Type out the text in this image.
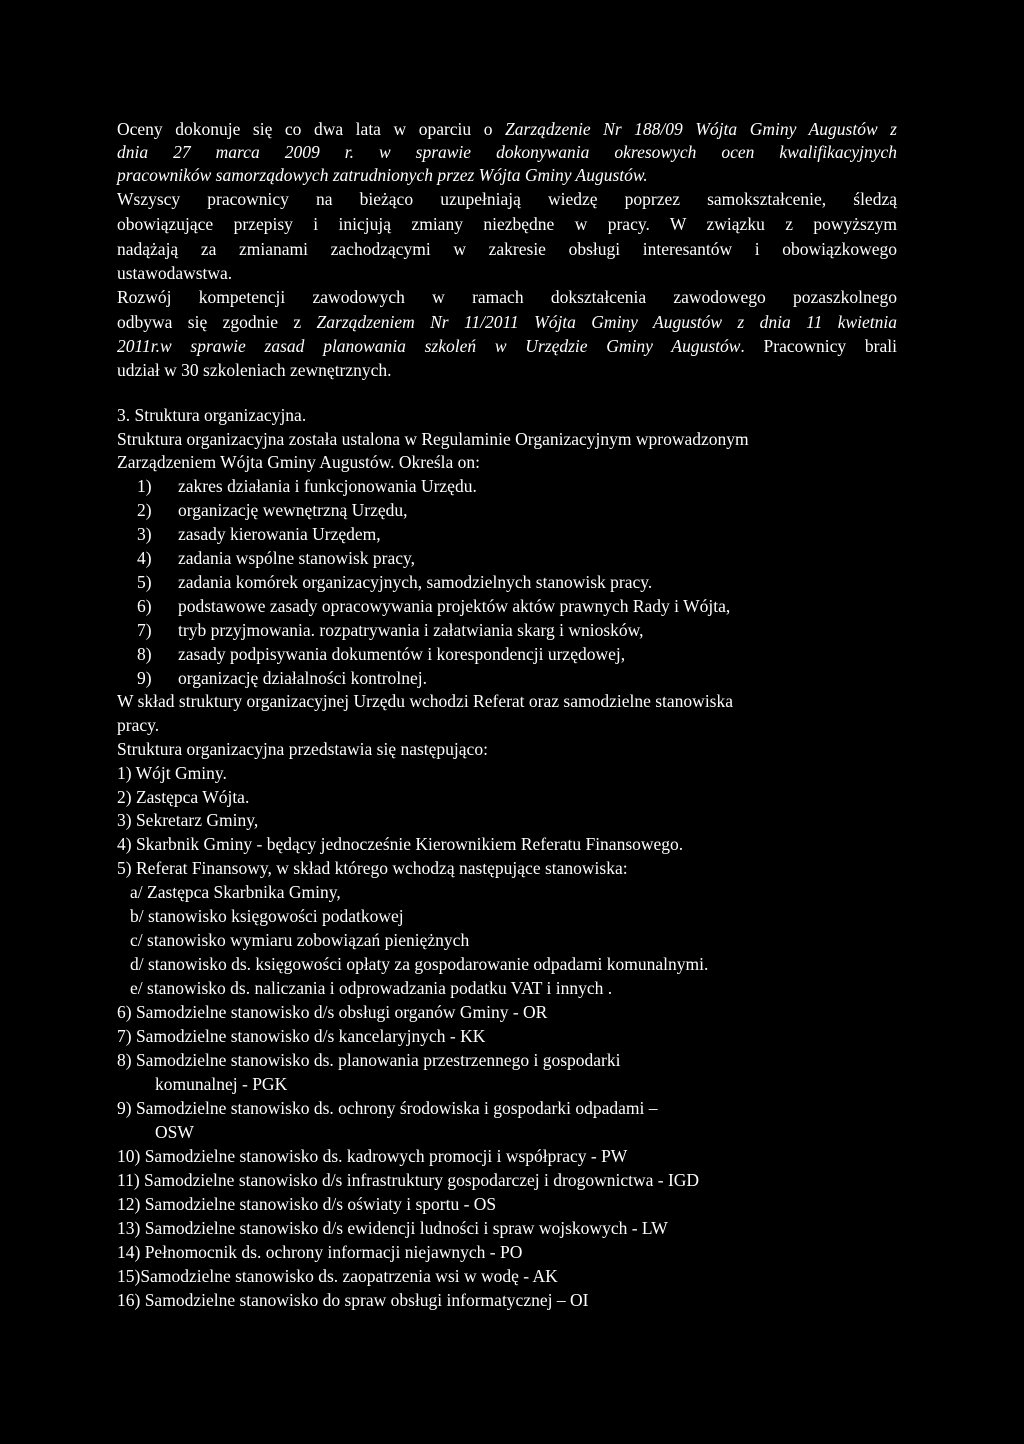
Oceny dokonuje się co dwa lata w oparciu o Zarządzenie Nr 188/09 Wójta Gminy Augustów z
dnia 27 marca 2009 r. w sprawie dokonywania okresowych ocen kwalifikacyjnych
pracowników samorządowych zatrudnionych przez Wójta Gminy Augustów.
Wszyscy pracownicy na bieżąco uzupełniają wiedzę poprzez samokształcenie, śledzą
obowiązujące przepisy i inicjują zmiany niezbędne w pracy. W związku z powyższym
nadążają za zmianami zachodzącymi w zakresie obsługi interesantów i obowiązkowego
ustawodawstwa.
Rozwój kompetencji zawodowych w ramach dokształcenia zawodowego pozaszkolnego
odbywa się zgodnie z Zarządzeniem Nr 11/2011 Wójta Gminy Augustów z dnia 11 kwietnia
2011r.w sprawie zasad planowania szkoleń w Urzędzie Gminy Augustów. Pracownicy brali
udział w 30 szkoleniach zewnętrznych.
3. Struktura organizacyjna.
Struktura organizacyjna została ustalona w Regulaminie Organizacyjnym wprowadzonym
Zarządzeniem Wójta Gminy Augustów. Określa on:
1) zakres działania i funkcjonowania Urzędu.
2) organizację wewnętrzną Urzędu,
3) zasady kierowania Urzędem,
4) zadania wspólne stanowisk pracy,
5) zadania komórek organizacyjnych, samodzielnych stanowisk pracy.
6) podstawowe zasady opracowywania projektów aktów prawnych Rady i Wójta,
7) tryb przyjmowania. rozpatrywania i załatwiania skarg i wniosków,
8) zasady podpisywania dokumentów i korespondencji urzędowej,
9) organizację działalności kontrolnej.
W skład struktury organizacyjnej Urzędu wchodzi Referat oraz samodzielne stanowiska
pracy.
Struktura organizacyjna przedstawia się następująco:
1) Wójt Gminy.
2) Zastępca Wójta.
3) Sekretarz Gminy,
4) Skarbnik Gminy - będący jednocześnie Kierownikiem Referatu Finansowego.
5) Referat Finansowy, w skład którego wchodzą następujące stanowiska:
a/ Zastępca Skarbnika Gminy,
b/ stanowisko księgowości podatkowej
c/ stanowisko wymiaru zobowiązań pieniężnych
d/ stanowisko ds. księgowości opłaty za gospodarowanie odpadami komunalnymi.
e/ stanowisko ds. naliczania i odprowadzania podatku VAT i innych .
6) Samodzielne stanowisko d/s obsługi organów Gminy - OR
7) Samodzielne stanowisko d/s kancelaryjnych - KK
8) Samodzielne stanowisko ds. planowania przestrzennego i gospodarki
komunalnej - PGK
9) Samodzielne stanowisko ds. ochrony środowiska i gospodarki odpadami –
OSW
10) Samodzielne stanowisko ds. kadrowych promocji i współpracy - PW
11) Samodzielne stanowisko d/s infrastruktury gospodarczej i drogownictwa - IGD
12) Samodzielne stanowisko d/s oświaty i sportu - OS
13) Samodzielne stanowisko d/s ewidencji ludności i spraw wojskowych - LW
14) Pełnomocnik ds. ochrony informacji niejawnych - PO
15)Samodzielne stanowisko ds. zaopatrzenia wsi w wodę - AK
16) Samodzielne stanowisko do spraw obsługi informatycznej – OI
